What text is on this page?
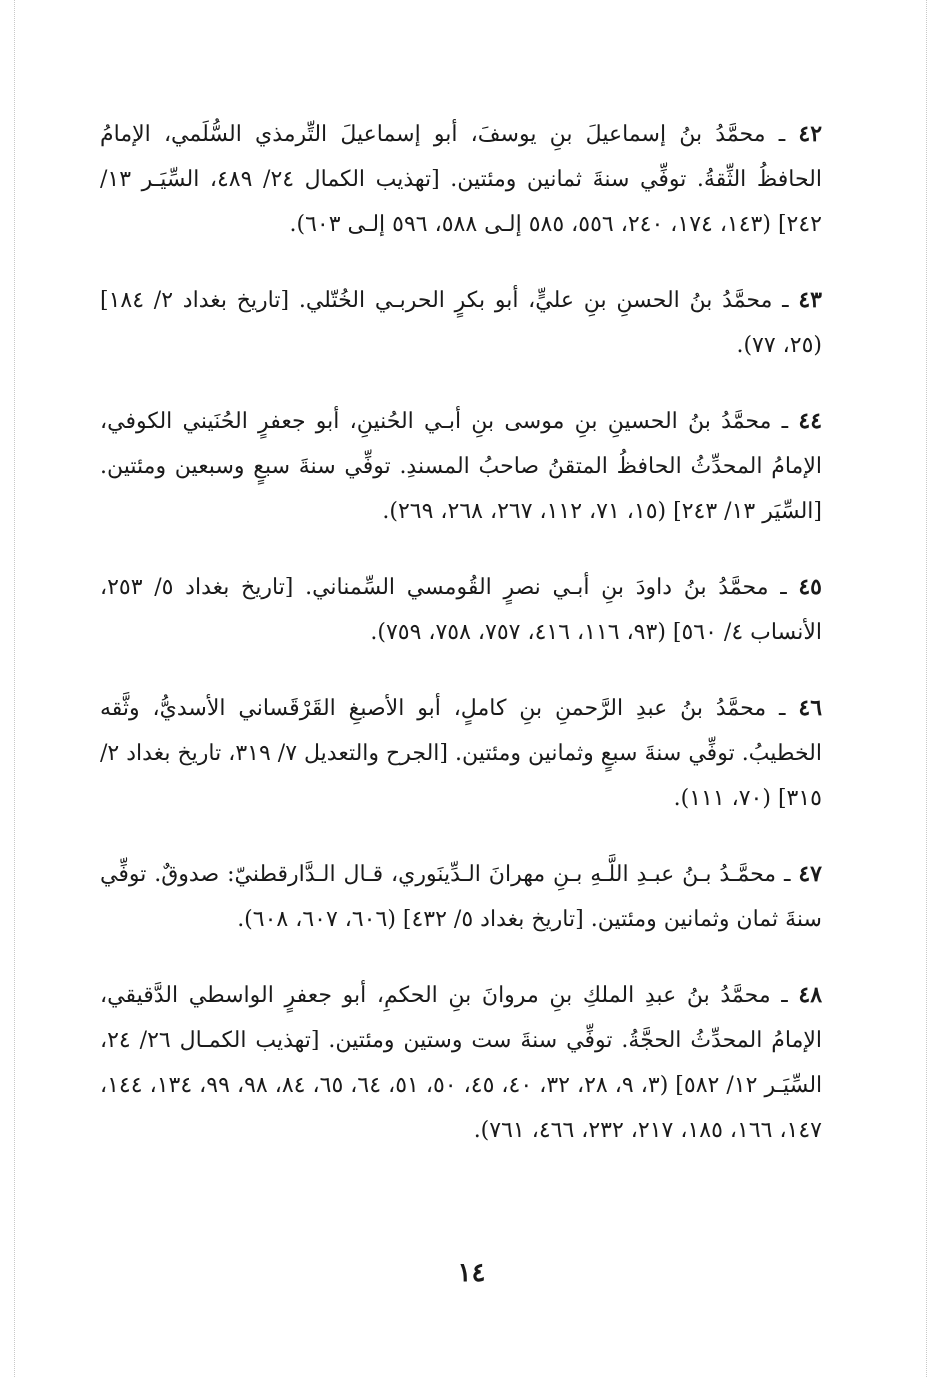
٤٢ ـ محمَّدُ بنُ إسماعيلَ بنِ يوسفَ، أبو إسماعيلَ التِّرمذي السُّلَمي، الإمامُ الحافظُ الثِّقةُ. توفِّي سنةَ ثمانين ومئتين. [تهذيب الكمال ٢٤/ ٤٨٩، السِّيَـر ١٣/ ٢٤٢] (١٤٣، ١٧٤، ٢٤٠، ٥٥٦، ٥٨٥ إلـى ٥٨٨، ٥٩٦ إلـى ٦٠٣).

٤٣ ـ محمَّدُ بنُ الحسنِ بنِ عليٍّ، أبو بكرٍ الحربـي الخُتّلي. [تاريخ بغداد ٢/ ١٨٤] (٢٥، ٧٧).

٤٤ ـ محمَّدُ بنُ الحسينِ بنِ موسى بنِ أبـي الحُنينِ، أبو جعفرٍ الحُنَيني الكوفي، الإمامُ المحدِّثُ الحافظُ المتقنُ صاحبُ المسندِ. توفِّي سنةَ سبعٍ وسبعين ومئتين. [السِّيَر ١٣/ ٢٤٣] (١٥، ٧١، ١١٢، ٢٦٧، ٢٦٨، ٢٦٩).

٤٥ ـ محمَّدُ بنُ داودَ بنِ أبـي نصرٍ القُومسي السِّمناني. [تاريخ بغداد ٥/ ٢٥٣، الأنساب ٤/ ٥٦٠] (٩٣، ١١٦، ٤١٦، ٧٥٧، ٧٥٨، ٧٥٩).

٤٦ ـ محمَّدُ بنُ عبدِ الرَّحمنِ بنِ كاملٍ، أبو الأصبغِ القَرْقَساني الأسديُّ، وثَّقه الخطيبُ. توفِّي سنةَ سبعٍ وثمانين ومئتين. [الجرح والتعديل ٧/ ٣١٩، تاريخ بغداد ٢/ ٣١٥] (٧٠، ١١١).

٤٧ ـ محمَّـدُ بـنُ عبـدِ اللَّـهِ بـنِ مهرانَ الـدِّينَوري، قـال الـدَّارقطنيّ: صدوقٌ. توفِّي سنةَ ثمان وثمانين ومئتين. [تاريخ بغداد ٥/ ٤٣٢] (٦٠٦، ٦٠٧، ٦٠٨).

٤٨ ـ محمَّدُ بنُ عبدِ الملكِ بنِ مروانَ بنِ الحكمِ، أبو جعفرٍ الواسطي الدَّقيقي، الإمامُ المحدِّثُ الحجَّةُ. توفِّي سنةَ ست وستين ومئتين. [تهذيب الكمـال ٢٦/ ٢٤، السِّيَـر ١٢/ ٥٨٢] (٣، ٩، ٢٨، ٣٢، ٤٠، ٤٥، ٥٠، ٥١، ٦٤، ٦٥، ٨٤، ٩٨، ٩٩، ١٣٤، ١٤٤، ١٤٧، ١٦٦، ١٨٥، ٢١٧، ٢٣٢، ٤٦٦، ٧٦١).

١٤
